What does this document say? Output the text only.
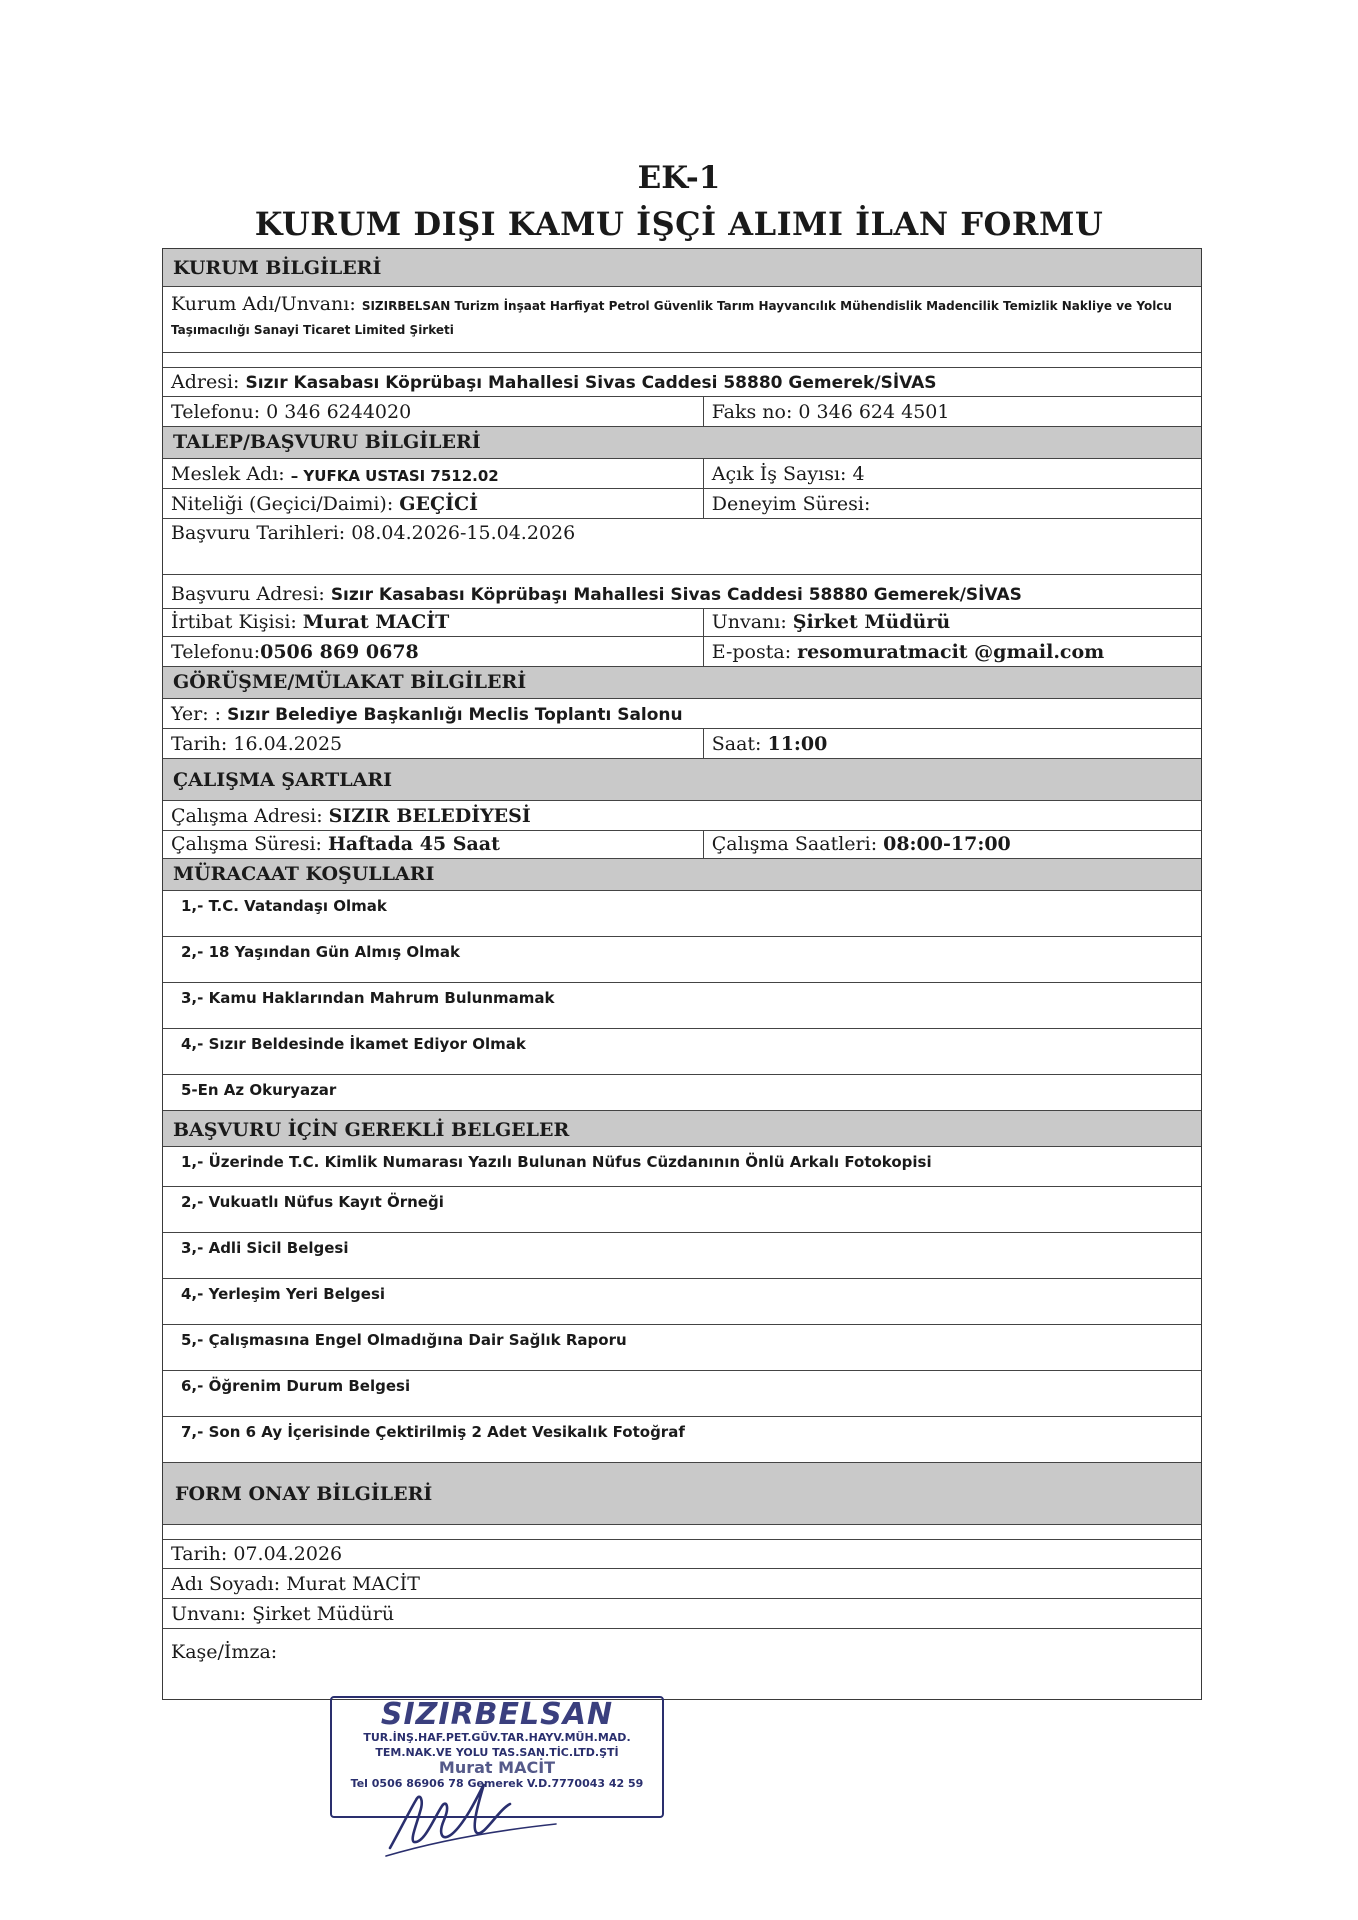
EK-1
KURUM DIŞI KAMU İŞÇİ ALIMI İLAN FORMU
KURUM BİLGİLERİ
Kurum Adı/Unvanı: SIZIRBELSAN Turizm İnşaat Harfiyat Petrol Güvenlik Tarım Hayvancılık Mühendislik Madencilik Temizlik Nakliye ve Yolcu Taşımacılığı Sanayi Ticaret Limited Şirketi
Adresi: Sızır Kasabası Köprübaşı Mahallesi Sivas Caddesi 58880 Gemerek/SİVAS
Telefonu: 0 346 6244020	Faks no: 0 346 624 4501
TALEP/BAŞVURU BİLGİLERİ
Meslek Adı: – YUFKA USTASI 7512.02	Açık İş Sayısı: 4
Niteliği (Geçici/Daimi): GEÇİCİ	Deneyim Süresi:
Başvuru Tarihleri: 08.04.2026-15.04.2026
Başvuru Adresi: Sızır Kasabası Köprübaşı Mahallesi Sivas Caddesi 58880 Gemerek/SİVAS
İrtibat Kişisi: Murat MACİT	Unvanı: Şirket Müdürü
Telefonu: 0506 869 0678	E-posta: resomuratmacit @gmail.com
GÖRÜŞME/MÜLAKAT BİLGİLERİ
Yer: : Sızır Belediye Başkanlığı Meclis Toplantı Salonu
Tarih: 16.04.2025	Saat: 11:00
ÇALIŞMA ŞARTLARI
Çalışma Adresi: SIZIR BELEDİYESİ
Çalışma Süresi: Haftada 45 Saat	Çalışma Saatleri: 08:00-17:00
MÜRACAAT KOŞULLARI
1,- T.C. Vatandaşı Olmak
2,- 18 Yaşından Gün Almış Olmak
3,- Kamu Haklarından Mahrum Bulunmamak
4,- Sızır Beldesinde İkamet Ediyor Olmak
5-En Az Okuryazar
BAŞVURU İÇİN GEREKLİ BELGELER
1,- Üzerinde T.C. Kimlik Numarası Yazılı Bulunan Nüfus Cüzdanının Önlü Arkalı Fotokopisi
2,- Vukuatlı Nüfus Kayıt Örneği
3,- Adli Sicil Belgesi
4,- Yerleşim Yeri Belgesi
5,- Çalışmasına Engel Olmadığına Dair Sağlık Raporu
6,- Öğrenim Durum Belgesi
7,- Son 6 Ay İçerisinde Çektirilmiş 2 Adet Vesikalık Fotoğraf
FORM ONAY BİLGİLERİ
Tarih: 07.04.2026
Adı Soyadı: Murat MACİT
Unvanı: Şirket Müdürü
Kaşe/İmza:
SIZIRBELSAN
TUR.İNŞ.HAF.PET.GÜV.TAR.HAYV.MÜH.MAD.
TEM.NAK.VE YOLU TAS.SAN.TİC.LTD.ŞTİ
Murat MACİT
Tel 0506 86906 78 Gemerek V.D.7770043 42 59
